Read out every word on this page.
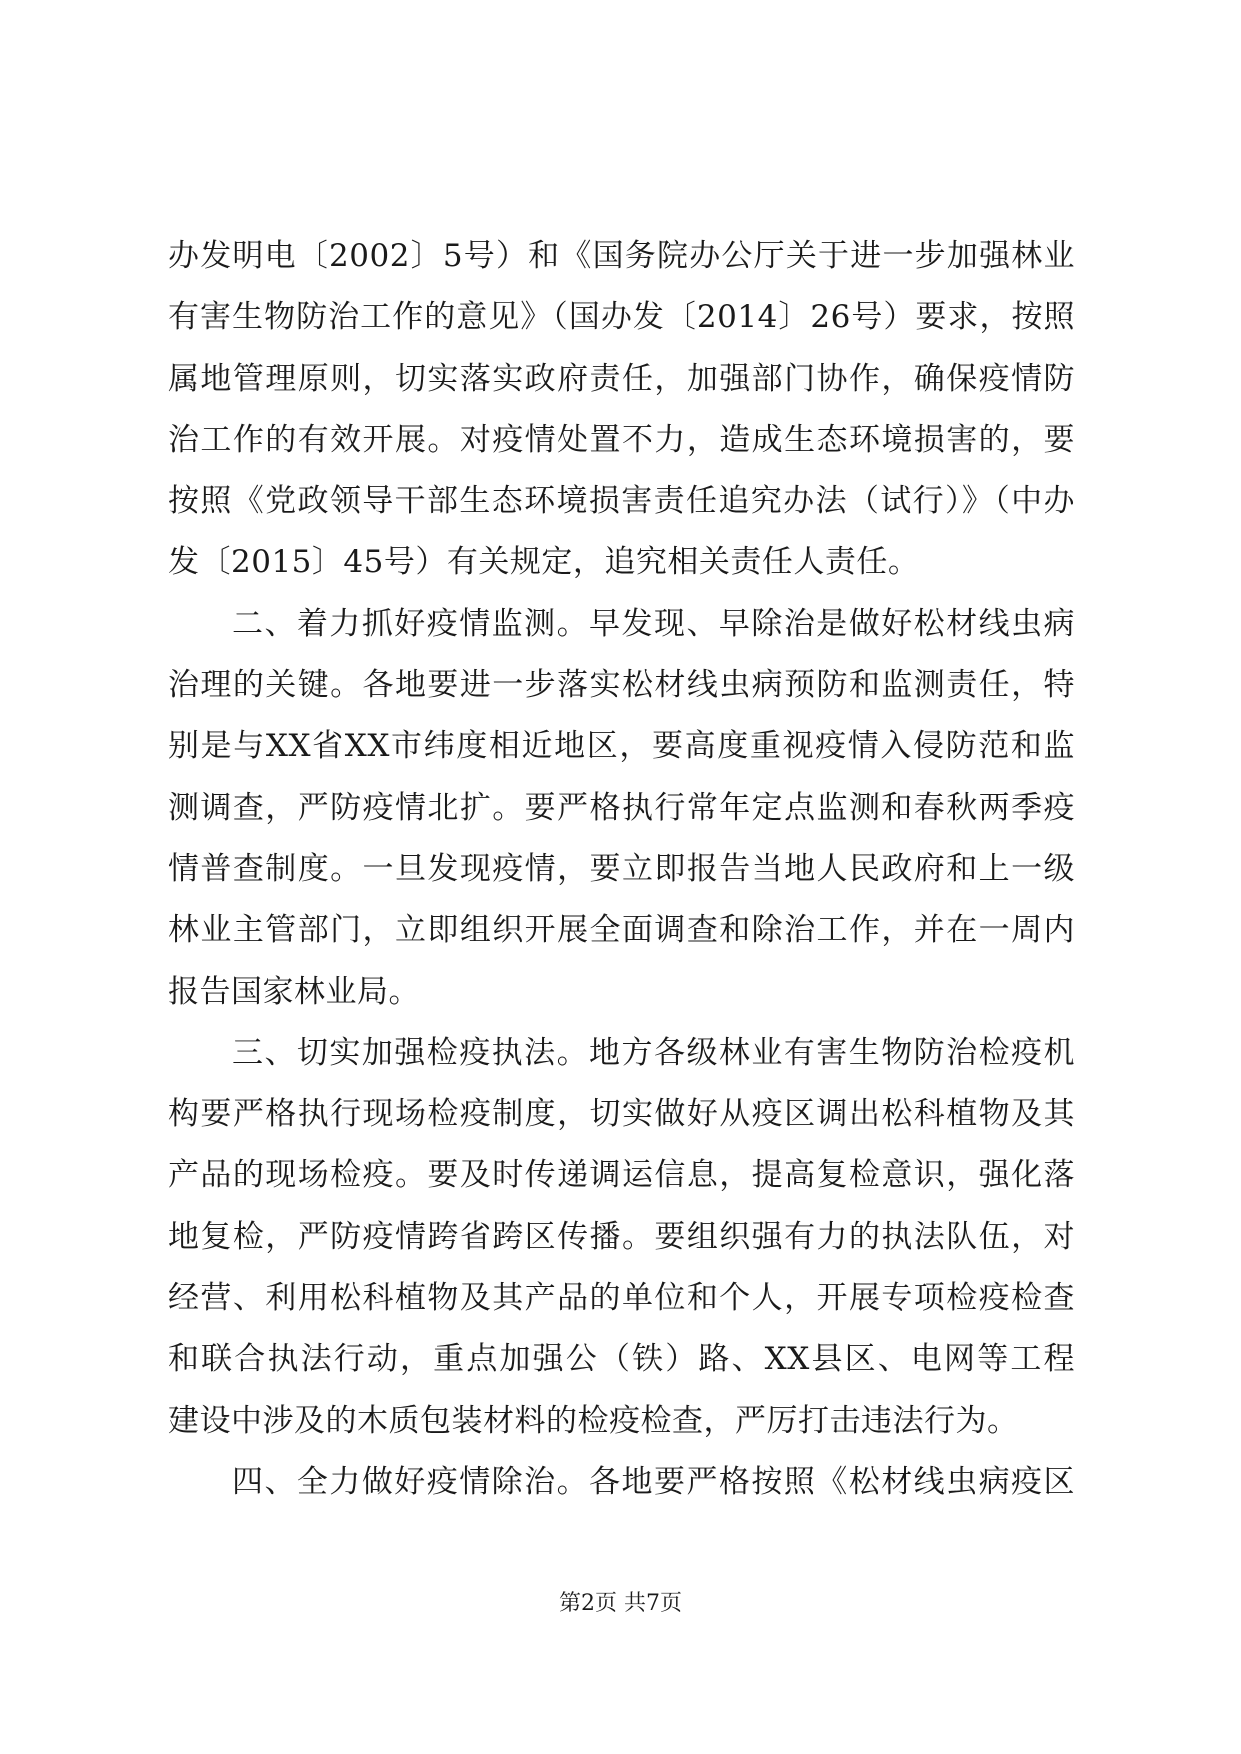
办发明电〔2002〕5号）和《国务院办公厅关于进一步加强林业
有害生物防治工作的意见》（国办发〔2014〕26号）要求，按照
属地管理原则，切实落实政府责任，加强部门协作，确保疫情防
治工作的有效开展。对疫情处置不力，造成生态环境损害的，要
按照《党政领导干部生态环境损害责任追究办法（试行）》（中办
发〔2015〕45号）有关规定，追究相关责任人责任。
二、着力抓好疫情监测。早发现、早除治是做好松材线虫病
治理的关键。各地要进一步落实松材线虫病预防和监测责任，特
别是与XX省XX市纬度相近地区，要高度重视疫情入侵防范和监
测调查，严防疫情北扩。要严格执行常年定点监测和春秋两季疫
情普查制度。一旦发现疫情，要立即报告当地人民政府和上一级
林业主管部门，立即组织开展全面调查和除治工作，并在一周内
报告国家林业局。
三、切实加强检疫执法。地方各级林业有害生物防治检疫机
构要严格执行现场检疫制度，切实做好从疫区调出松科植物及其
产品的现场检疫。要及时传递调运信息，提高复检意识，强化落
地复检，严防疫情跨省跨区传播。要组织强有力的执法队伍，对
经营、利用松科植物及其产品的单位和个人，开展专项检疫检查
和联合执法行动，重点加强公（铁）路、XX县区、电网等工程
建设中涉及的木质包装材料的检疫检查，严厉打击违法行为。
四、全力做好疫情除治。各地要严格按照《松材线虫病疫区
第2页 共7页
